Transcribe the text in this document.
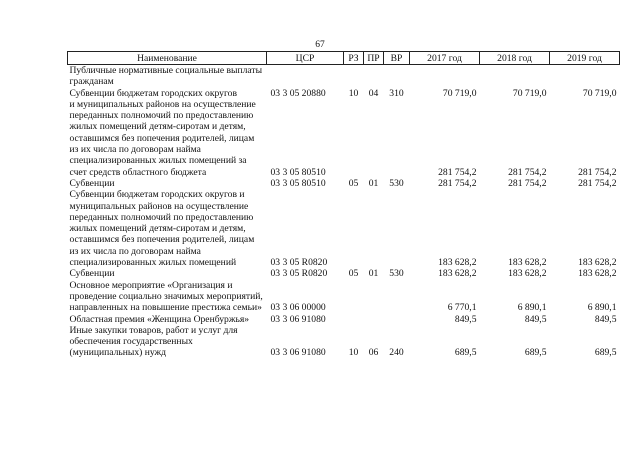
67
Наименование	ЦСР	РЗ	ПР	ВР	2017 год	2018 год	2019 год
Публичные нормативные социальные выплаты гражданам							
Субвенции бюджетам городских округов	03 3 05 20880	10	04	310	70 719,0	70 719,0	70 719,0
и муниципальных районов на осуществление переданных полномочий по предоставлению жилых помещений детям-сиротам и детям, оставшимся без попечения родителей, лицам из их числа по договорам найма специализированных жилых помещений за счет средств областного бюджета	03 3 05 80510				281 754,2	281 754,2	281 754,2
Субвенции	03 3 05 80510	05	01	530	281 754,2	281 754,2	281 754,2
Субвенции бюджетам городских округов и муниципальных районов на осуществление переданных полномочий по предоставлению жилых помещений детям-сиротам и детям, оставшимся без попечения родителей, лицам из их числа по договорам найма специализированных жилых помещений	03 3 05 R0820				183 628,2	183 628,2	183 628,2
Субвенции	03 3 05 R0820	05	01	530	183 628,2	183 628,2	183 628,2
Основное мероприятие «Организация и проведение социально значимых мероприятий, направленных на повышение престижа семьи»	03 3 06 00000				6 770,1	6 890,1	6 890,1
Областная премия «Женщина Оренбуржья»	03 3 06 91080				849,5	849,5	849,5
Иные закупки товаров, работ и услуг для обеспечения государственных (муниципальных) нужд	03 3 06 91080	10	06	240	689,5	689,5	689,5
